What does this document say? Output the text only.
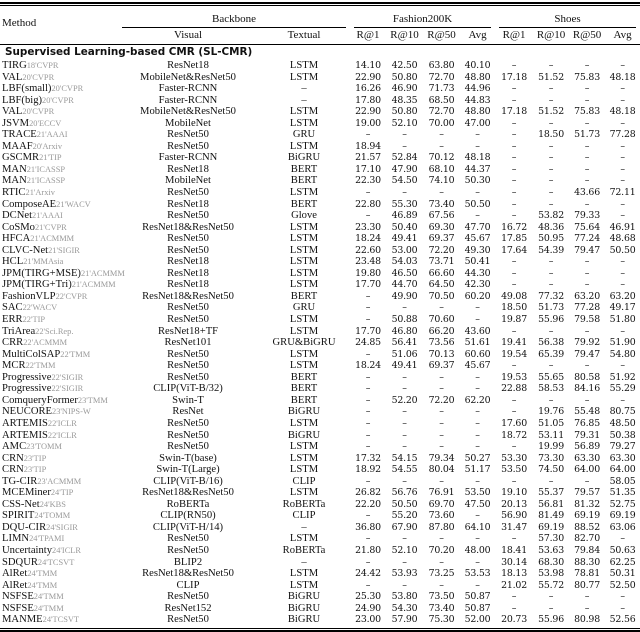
Method	Backbone		Fashion200K				Shoes			

	Visual	Textual	R@1	R@10	R@50	Avg	R@1	R@10	R@50	Avg

Supervised Learning-based CMR (SL-CMR)										
TIRG18'CVPR	ResNet18	LSTM	14.10	42.50	63.80	40.10	–	–	–	–
VAL20'CVPR	MobileNet&ResNet50	LSTM	22.90	50.80	72.70	48.80	17.18	51.52	75.83	48.18
LBF(small)20'CVPR	Faster-RCNN	–	16.26	46.90	71.73	44.96	–	–	–	–
LBF(big)20'CVPR	Faster-RCNN	–	17.80	48.35	68.50	44.83	–	–	–	–
VAL20'CVPR	MobileNet&ResNet50	LSTM	22.90	50.80	72.70	48.80	17.18	51.52	75.83	48.18
JSVM20'ECCV	MobileNet	LSTM	19.00	52.10	70.00	47.00	–	–	–	–
TRACE21'AAAI	ResNet50	GRU	–	–	–	–	–	18.50	51.73	77.28
MAAF20'Arxiv	ResNet50	LSTM	18.94	–	–	–	–	–	–	–
GSCMR21'TIP	Faster-RCNN	BiGRU	21.57	52.84	70.12	48.18	–	–	–	–
MAN21'ICASSP	ResNet18	BERT	17.10	47.90	68.10	44.37	–	–	–	–
MAN21'ICASSP	MobileNet	BERT	22.30	54.50	74.10	50.30	–	–	–	–
RTIC21'Arxiv	ResNet50	LSTM	–	–	–	–	–	–	43.66	72.11
ComposeAE21'WACV	ResNet18	BERT	22.80	55.30	73.40	50.50	–	–	–	–
DCNet21'AAAI	ResNet50	Glove	–	46.89	67.56	–	–	53.82	79.33	–
CoSMo21'CVPR	ResNet18&ResNet50	LSTM	23.30	50.40	69.30	47.70	16.72	48.36	75.64	46.91
HFCA21'ACMMM	ResNet50	LSTM	18.24	49.41	69.37	45.67	17.85	50.95	77.24	48.68
CLVC-Net21'SIGIR	ResNet50	LSTM	22.60	53.00	72.20	49.30	17.64	54.39	79.47	50.50
HCL21'MMAsia	ResNet18	LSTM	23.48	54.03	73.71	50.41	–	–	–	–
JPM(TIRG+MSE)21'ACMMM	ResNet18	LSTM	19.80	46.50	66.60	44.30	–	–	–	–
JPM(TIRG+Tri)21'ACMMM	ResNet18	LSTM	17.70	44.70	64.50	42.30	–	–	–	–
FashionVLP22'CVPR	ResNet18&ResNet50	BERT	–	49.90	70.50	60.20	49.08	77.32	63.20	63.20
SAC22'WACV	ResNet50	GRU	–	–	–	–	18.50	51.73	77.28	49.17
ERR22'TIP	ResNet50	LSTM	–	50.88	70.60	–	19.87	55.96	79.58	51.80
TriArea22'Sci.Rep.	ResNet18+TF	LSTM	17.70	46.80	66.20	43.60	–	–	–	–
CRR22'ACMMM	ResNet101	GRU&BiGRU	24.85	56.41	73.56	51.61	19.41	56.38	79.92	51.90
MultiColSAP22'TMM	ResNet50	LSTM	–	51.06	70.13	60.60	19.54	65.39	79.47	54.80
MCR22'TMM	ResNet50	LSTM	18.24	49.41	69.37	45.67	–	–	–	–
Progressive22'SIGIR	ResNet50	BERT	–	–	–	–	19.53	55.65	80.58	51.92
Progressive22'SIGIR	CLIP(ViT-B/32)	BERT	–	–	–	–	22.88	58.53	84.16	55.29
ComqueryFormer23'TMM	Swin-T	BERT	–	52.20	72.20	62.20	–	–	–	–
NEUCORE23'NIPS-W	ResNet	BiGRU	–	–	–	–	–	19.76	55.48	80.75
ARTEMIS22'ICLR	ResNet50	LSTM	–	–	–	–	17.60	51.05	76.85	48.50
ARTEMIS22'ICLR	ResNet50	BiGRU	–	–	–	–	18.72	53.11	79.31	50.38
AMC23'TOMM	ResNet50	LSTM	–	–	–	–	–	19.99	56.89	79.27
CRN23'TIP	Swin-T(base)	LSTM	17.32	54.15	79.34	50.27	53.30	73.30	63.30	63.30
CRN23'TIP	Swin-T(Large)	LSTM	18.92	54.55	80.04	51.17	53.50	74.50	64.00	64.00
TG-CIR23'ACMMM	CLIP(ViT-B/16)	CLIP	–	–	–	–	–	–	–	58.05
MCEMiner24'TIP	ResNet18&ResNet50	LSTM	26.82	56.76	76.91	53.50	19.10	55.37	79.57	51.35
CSS-Net24'KBS	RoBERTa	RoBERTa	22.20	50.50	69.70	47.50	20.13	56.81	81.32	52.75
SPIRIT24'TOMM	CLIP(RN50)	CLIP	–	55.20	73.60	–	56.90	81.49	69.19	69.19
DQU-CIR24'SIGIR	CLIP(ViT-H/14)	–	36.80	67.90	87.80	64.10	31.47	69.19	88.52	63.06
LIMN24'TPAMI	ResNet50	LSTM	–	–	–	–	–	57.30	82.70	–
Uncertainty24'ICLR	ResNet50	RoBERTa	21.80	52.10	70.20	48.00	18.41	53.63	79.84	50.63
SDQUR24'TCSVT	BLIP2	–	–	–	–	–	30.14	68.30	88.30	62.25
AlRet24'TMM	ResNet18&ResNet50	LSTM	24.42	53.93	73.25	53.53	18.13	53.98	78.81	50.31
AlRet24'TMM	CLIP	LSTM	–	–	–	–	21.02	55.72	80.77	52.50
NSFSE24'TMM	ResNet50	BiGRU	25.30	53.80	73.50	50.87	–	–	–	–
NSFSE24'TMM	ResNet152	BiGRU	24.90	54.30	73.40	50.87	–	–	–	–
MANME24'TCSVT	ResNet50	BiGRU	23.00	57.90	75.30	52.00	20.73	55.96	80.98	52.56
